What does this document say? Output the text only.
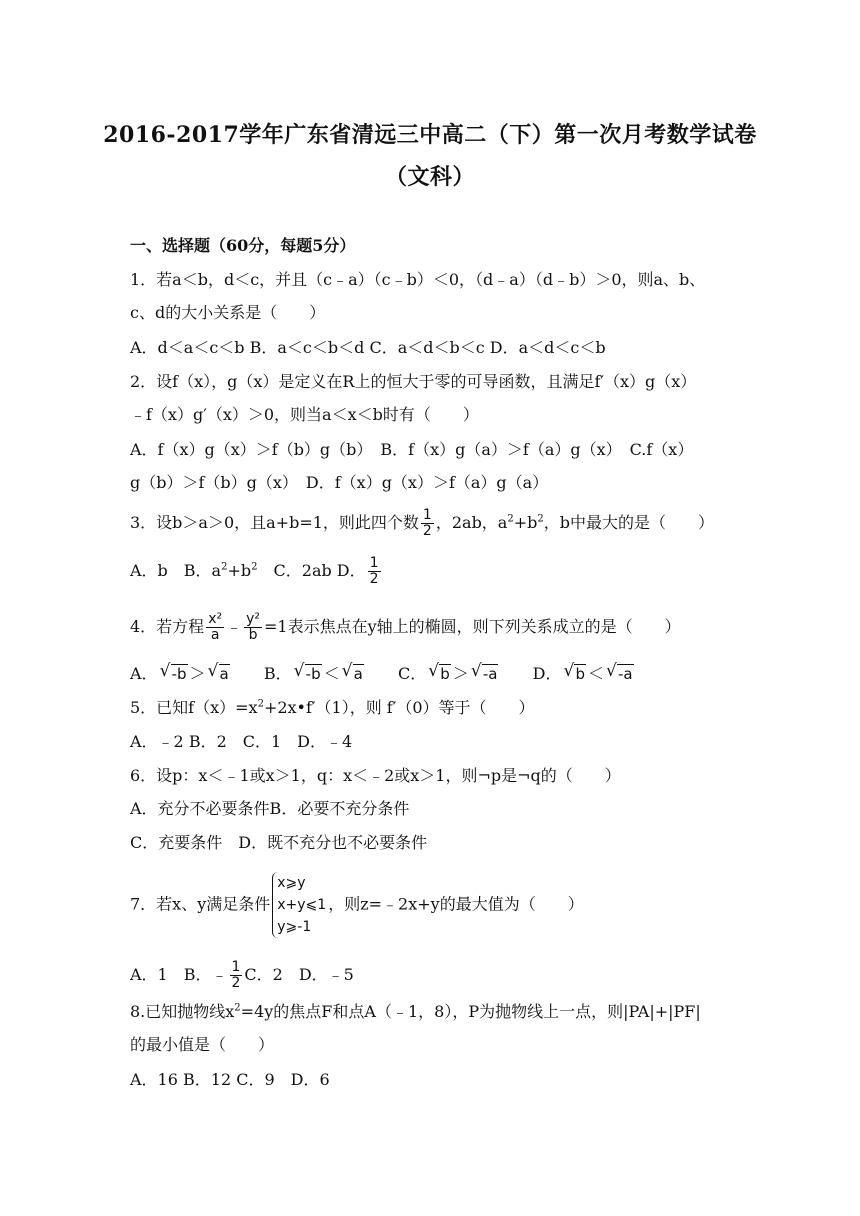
2016-2017学年广东省清远三中高二（下）第一次月考数学试卷
（文科）
一、选择题（60分，每题5分）
1．若a＜b，d＜c，并且（c﹣a）（c﹣b）＜0，（d﹣a）（d﹣b）＞0，则a、b、
c、d的大小关系是（　　）
A．d＜a＜c＜b B．a＜c＜b＜d C．a＜d＜b＜c D．a＜d＜c＜b
2．设f（x），g（x）是定义在R上的恒大于零的可导函数，且满足f′（x）g（x）
﹣f（x）g′（x）＞0，则当a＜x＜b时有（　　）
A．f（x）g（x）＞f（b）g（b）　B．f（x）g（a）＞f（a）g（x）　C.f（x）
g（b）＞f（b）g（x）　D．f（x）g（x）＞f（a）g（a）
3．设b＞a＞0，且a+b=1，则此四个数 $\frac{1}{2}$ ，2ab，$a^2+b^2$，b中最大的是（　　）
A．b　B．$a^2+b^2$　C．2ab D． $\frac{1}{2}$
4．若方程 $\frac{\text{x²}}{a}$ ﹣ $\frac{\text{y²}}{b} =1$表示焦点在y轴上的椭圆，则下列关系成立的是（　　）
A． √ -b ＞ √ a B． √ -b ＜ √ a C． √ b ＞ √ -a D． √ b ＜ √ -a
5．已知$f(x)=x^2+2x•f'(1)$，则 f′（0）等于（　　）
A．﹣2 B．2　C．1　D．﹣4
6．设p：x＜﹣1或x＞1，q：x＜﹣2或x＞1，则¬p是¬q的（　　）
A．充分不必要条件B．必要不充分条件
C．充要条件　D．既不充分也不必要条件
7．若x、y满足条件
x⩾y
x+y⩽1
y⩾-1
，则z=﹣2x+y的最大值为（　　）
A．1　B．﹣ $\frac{1}{2}$ C．2　D．﹣5
8.已知抛物线$x^2=4y$的焦点F和点A（﹣1，8），P为抛物线上一点，则|PA|+|PF|
的最小值是（　　）
A．16 B．12 C．9　D．6
